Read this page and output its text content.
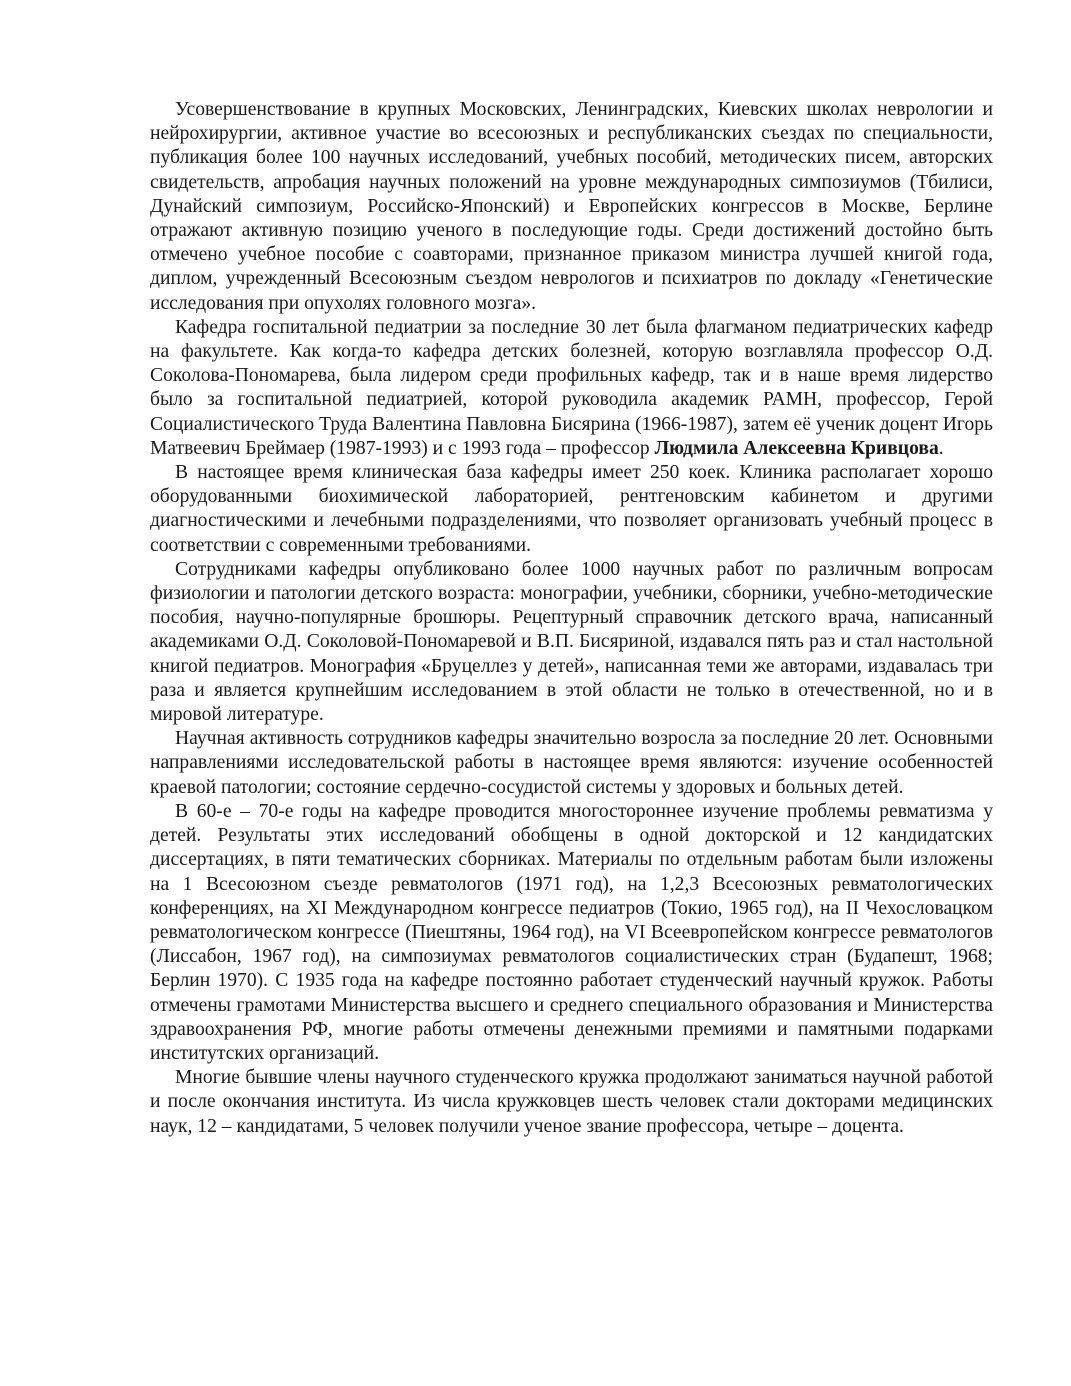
Усовершенствование в крупных Московских, Ленинградских, Киевских школах неврологии и нейрохирургии, активное участие во всесоюзных и республиканских съездах по специальности, публикация более 100 научных исследований, учебных пособий, методических писем, авторских свидетельств, апробация научных положений на уровне международных симпозиумов (Тбилиси, Дунайский симпозиум, Российско-Японский) и Европейских конгрессов в Москве, Берлине отражают активную позицию ученого в последующие годы. Среди достижений достойно быть отмечено учебное пособие с соавторами, признанное приказом министра лучшей книгой года, диплом, учрежденный Всесоюзным съездом неврологов и психиатров по докладу «Генетические исследования при опухолях головного мозга».

Кафедра госпитальной педиатрии за последние 30 лет была флагманом педиатрических кафедр на факультете. Как когда-то кафедра детских болезней, которую возглавляла профессор О.Д. Соколова-Пономарева, была лидером среди профильных кафедр, так и в наше время лидерство было за госпитальной педиатрией, которой руководила академик РАМН, профессор, Герой Социалистического Труда Валентина Павловна Бисярина (1966-1987), затем её ученик доцент Игорь Матвеевич Бреймаер (1987-1993) и с 1993 года – профессор Людмила Алексеевна Кривцова.

В настоящее время клиническая база кафедры имеет 250 коек. Клиника располагает хорошо оборудованными биохимической лабораторией, рентгеновским кабинетом и другими диагностическими и лечебными подразделениями, что позволяет организовать учебный процесс в соответствии с современными требованиями.

Сотрудниками кафедры опубликовано более 1000 научных работ по различным вопросам физиологии и патологии детского возраста: монографии, учебники, сборники, учебно-методические пособия, научно-популярные брошюры. Рецептурный справочник детского врача, написанный академиками О.Д. Соколовой-Пономаревой и В.П. Бисяриной, издавался пять раз и стал настольной книгой педиатров. Монография «Бруцеллез у детей», написанная теми же авторами, издавалась три раза и является крупнейшим исследованием в этой области не только в отечественной, но и в мировой литературе.

Научная активность сотрудников кафедры значительно возросла за последние 20 лет. Основными направлениями исследовательской работы в настоящее время являются: изучение особенностей краевой патологии; состояние сердечно-сосудистой системы у здоровых и больных детей.

В 60-е – 70-е годы на кафедре проводится многостороннее изучение проблемы ревматизма у детей. Результаты этих исследований обобщены в одной докторской и 12 кандидатских диссертациях, в пяти тематических сборниках. Материалы по отдельным работам были изложены на 1 Всесоюзном съезде ревматологов (1971 год), на 1,2,3 Всесоюзных ревматологических конференциях, на XI Международном конгрессе педиатров (Токио, 1965 год), на II Чехословацком ревматологическом конгрессе (Пиештяны, 1964 год), на VI Всеевропейском конгрессе ревматологов (Лиссабон, 1967 год), на симпозиумах ревматологов социалистических стран (Будапешт, 1968; Берлин 1970). С 1935 года на кафедре постоянно работает студенческий научный кружок. Работы отмечены грамотами Министерства высшего и среднего специального образования и Министерства здравоохранения РФ, многие работы отмечены денежными премиями и памятными подарками институтских организаций.

Многие бывшие члены научного студенческого кружка продолжают заниматься научной работой и после окончания института. Из числа кружковцев шесть человек стали докторами медицинских наук, 12 – кандидатами, 5 человек получили ученое звание профессора, четыре – доцента.
